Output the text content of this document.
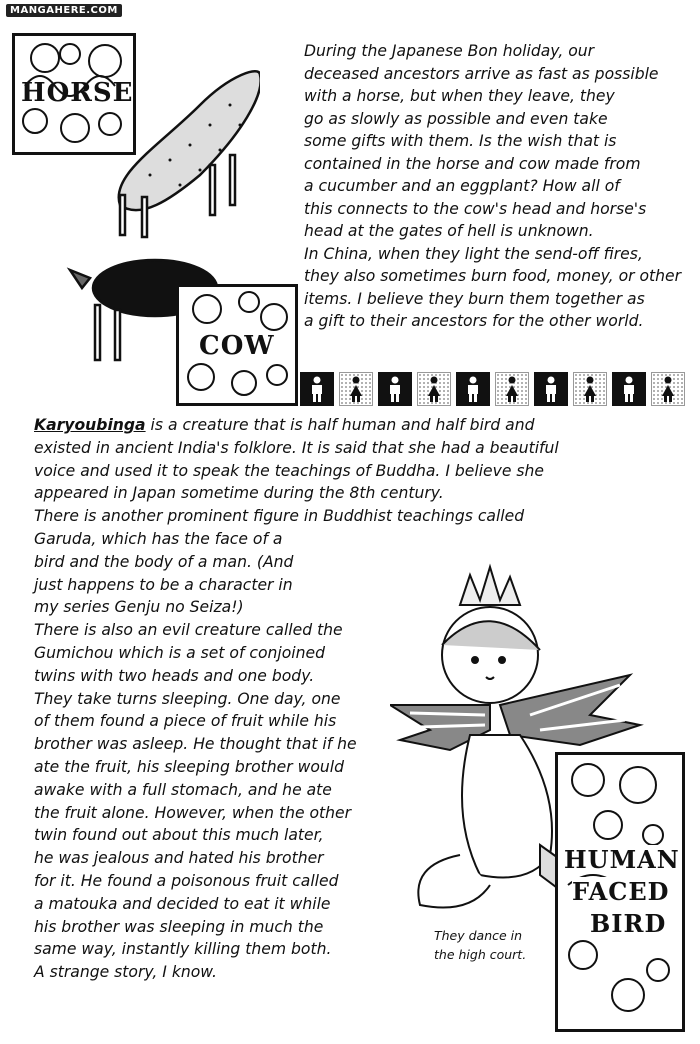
MANGAHERE.COM
HORSE
COW
During the Japanese Bon holiday, our
deceased ancestors arrive as fast as possible
with a horse, but when they leave, they
go as slowly as possible and even take
some gifts with them. Is the wish that is
contained in the horse and cow made from
a cucumber and an eggplant? How all of
this connects to the cow's head and horse's
head at the gates of hell is unknown.
In China, when they light the send-off fires,
they also sometimes burn food, money, or other
items. I believe they burn them together as
a gift to their ancestors for the other world.
Karyoubinga is a creature that is half human and half bird and
existed in ancient India's folklore. It is said that she had a beautiful
voice and used it to speak the teachings of Buddha. I believe she
appeared in Japan sometime during the 8th century.
There is another prominent figure in Buddhist teachings called
Garuda, which has the face of a
bird and the body of a man. (And
just happens to be a character in
my series Genju no Seiza!)
There is also an evil creature called the
Gumichou which is a set of conjoined
twins with two heads and one body.
They take turns sleeping. One day, one
of them found a piece of fruit while his
brother was asleep. He thought that if he
ate the fruit, his sleeping brother would
awake with a full stomach, and he ate
the fruit alone. However, when the other
twin found out about this much later,
he was jealous and hated his brother
for it. He found a poisonous fruit called
a matouka and decided to eat it while
his brother was sleeping in much the
same way, instantly killing them both.
A strange story, I know.
HUMAN
FACED
BIRD
They dance in
the high court.
